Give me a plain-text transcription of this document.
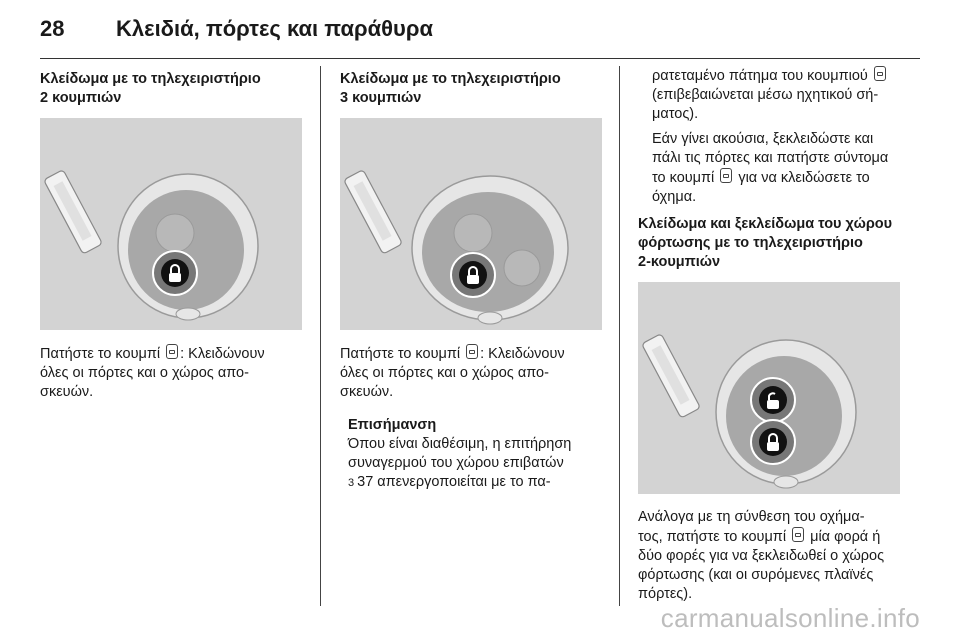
28 Κλειδιά, πόρτες και παράθυρα
Κλείδωμα με το τηλεχειριστήριο
2 κουμπιών

Πατήστε το κουμπί : Κλειδώνουν
όλες οι πόρτες και ο χώρος απο-
σκευών.

Κλείδωμα με το τηλεχειριστήριο
3 κουμπιών

Πατήστε το κουμπί : Κλειδώνουν
όλες οι πόρτες και ο χώρος απο-
σκευών.

Επισήμανση
Όπου είναι διαθέσιμη, η επιτήρηση
συναγερμού του χώρου επιβατών
3 37 απενεργοποιείται με το πα-
ρατεταμένο πάτημα του κουμπιού
(επιβεβαιώνεται μέσω ηχητικού σή-
ματος).

Εάν γίνει ακούσια, ξεκλειδώστε και
πάλι τις πόρτες και πατήστε σύντομα
το κουμπί για να κλειδώσετε το
όχημα.

Κλείδωμα και ξεκλείδωμα του χώρου
φόρτωσης με το τηλεχειριστήριο
2-κουμπιών

Ανάλογα με τη σύνθεση του οχήμα-
τος, πατήστε το κουμπί μία φορά ή
δύο φορές για να ξεκλειδωθεί ο χώρος
φόρτωσης (και οι συρόμενες πλαϊνές
πόρτες).

carmanualsonline.info
